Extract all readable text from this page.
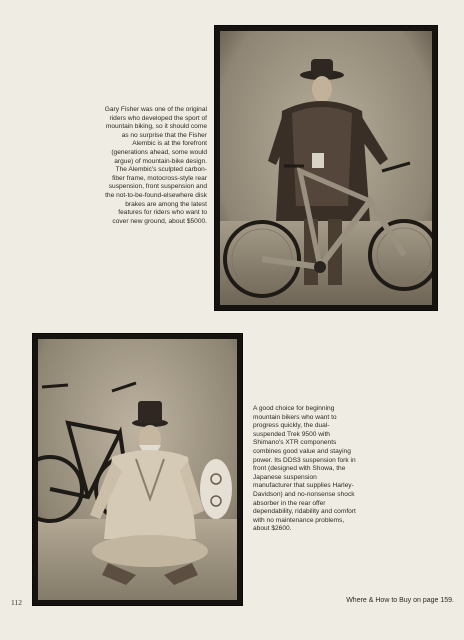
Gary Fisher was one of the original riders who developed the sport of mountain biking, so it should come as no surprise that the Fisher Alembic is at the forefront (generations ahead, some would argue) of mountain-bike design. The Alembic's sculpted carbon-fiber frame, motocross-style rear suspension, front suspension and the not-to-be-found-elsewhere disk brakes are among the latest features for riders who want to cover new ground, about $5000.
A good choice for beginning mountain bikers who want to progress quickly, the dual-suspended Trek 9500 with Shimano's XTR components combines good value and staying power. Its DDS3 suspension fork in front (designed with Showa, the Japanese suspension manufacturer that supplies Harley-Davidson) and no-nonsense shock absorber in the rear offer dependability, ridability and comfort with no maintenance problems, about $2600.
112	Where & How to Buy on page 159.
